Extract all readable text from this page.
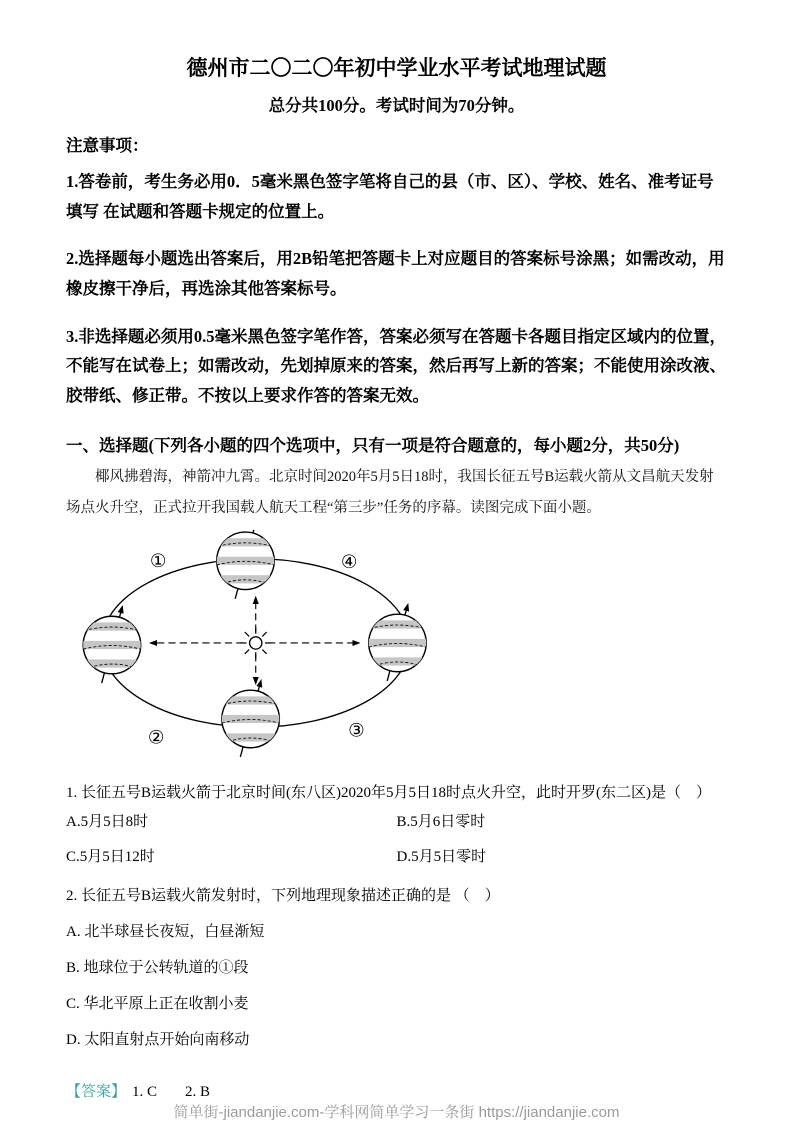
德州市二〇二〇年初中学业水平考试地理试题
总分共100分。考试时间为70分钟。
注意事项：
1.答卷前，考生务必用0．5毫米黑色签字笔将自己的县（市、区）、学校、姓名、准考证号填写 在试题和答题卡规定的位置上。
2.选择题每小题选出答案后，用2B铅笔把答题卡上对应题目的答案标号涂黑；如需改动，用橡皮擦干净后，再选涂其他答案标号。
3.非选择题必须用0.5毫米黑色签字笔作答，答案必须写在答题卡各题目指定区域内的位置，不能写在试卷上；如需改动，先划掉原来的答案，然后再写上新的答案；不能使用涂改液、胶带纸、修正带。不按以上要求作答的答案无效。
一、选择题(下列各小题的四个选项中，只有一项是符合题意的，每小题2分，共50分)
椰风拂碧海，神箭冲九霄。北京时间2020年5月5日18时，我国长征五号B运载火箭从文昌航天发射场点火升空，正式拉开我国载人航天工程“第三步”任务的序幕。读图完成下面小题。
①
②	③
④
1. 长征五号B运载火箭于北京时间(东八区)2020年5月5日18时点火升空，此时开罗(东二区)是（　）
A.5月5日8时	B.5月6日零时
C.5月5日12时	D.5月5日零时
2. 长征五号B运载火箭发射时，下列地理现象描述正确的是 （　）
A. 北半球昼长夜短，白昼渐短
B. 地球位于公转轨道的①段
C. 华北平原上正在收割小麦
D. 太阳直射点开始向南移动
【答案】 1. C 2. B
简单街-jiandanjie.com-学科网简单学习一条街 https://jiandanjie.com
